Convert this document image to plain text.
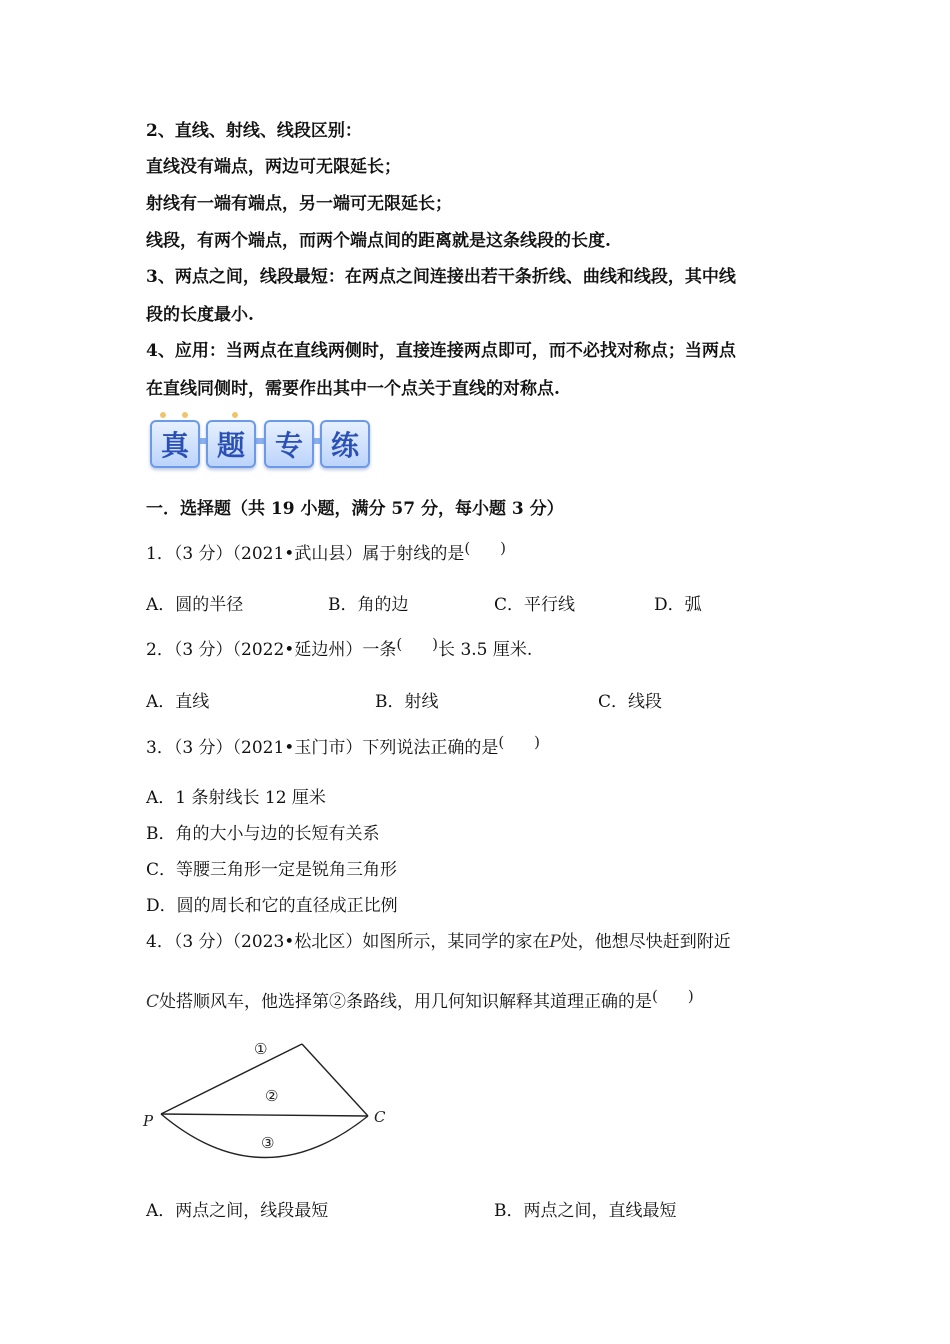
2、直线、射线、线段区别：
直线没有端点，两边可无限延长；
射线有一端有端点，另一端可无限延长；
线段，有两个端点，而两个端点间的距离就是这条线段的长度.
3、两点之间，线段最短：在两点之间连接出若干条折线、曲线和线段，其中线
段的长度最小.
4、应用：当两点在直线两侧时，直接连接两点即可，而不必找对称点；当两点
在直线同侧时，需要作出其中一个点关于直线的对称点.
真 题	专 练
一．选择题（共 19 小题，满分 57 分，每小题 3 分）
1．（3 分）（2021•武山县）属于射线的是(　　)
A．圆的半径	B．角的边	C．平行线	D．弧
2．（3 分）（2022•延边州）一条(　　)长 3.5 厘米.
A．直线	B．射线	C．线段
3．（3 分）（2021•玉门市）下列说法正确的是(　　)
A．1 条射线长 12 厘米
B．角的大小与边的长短有关系
C．等腰三角形一定是锐角三角形
D．圆的周长和它的直径成正比例
4．（3 分）（2023•松北区）如图所示，某同学的家在P处，他想尽快赶到附近
C处搭顺风车，他选择第②条路线，用几何知识解释其道理正确的是(　　)
P	C
①
②
③
A．两点之间，线段最短	B．两点之间，直线最短
